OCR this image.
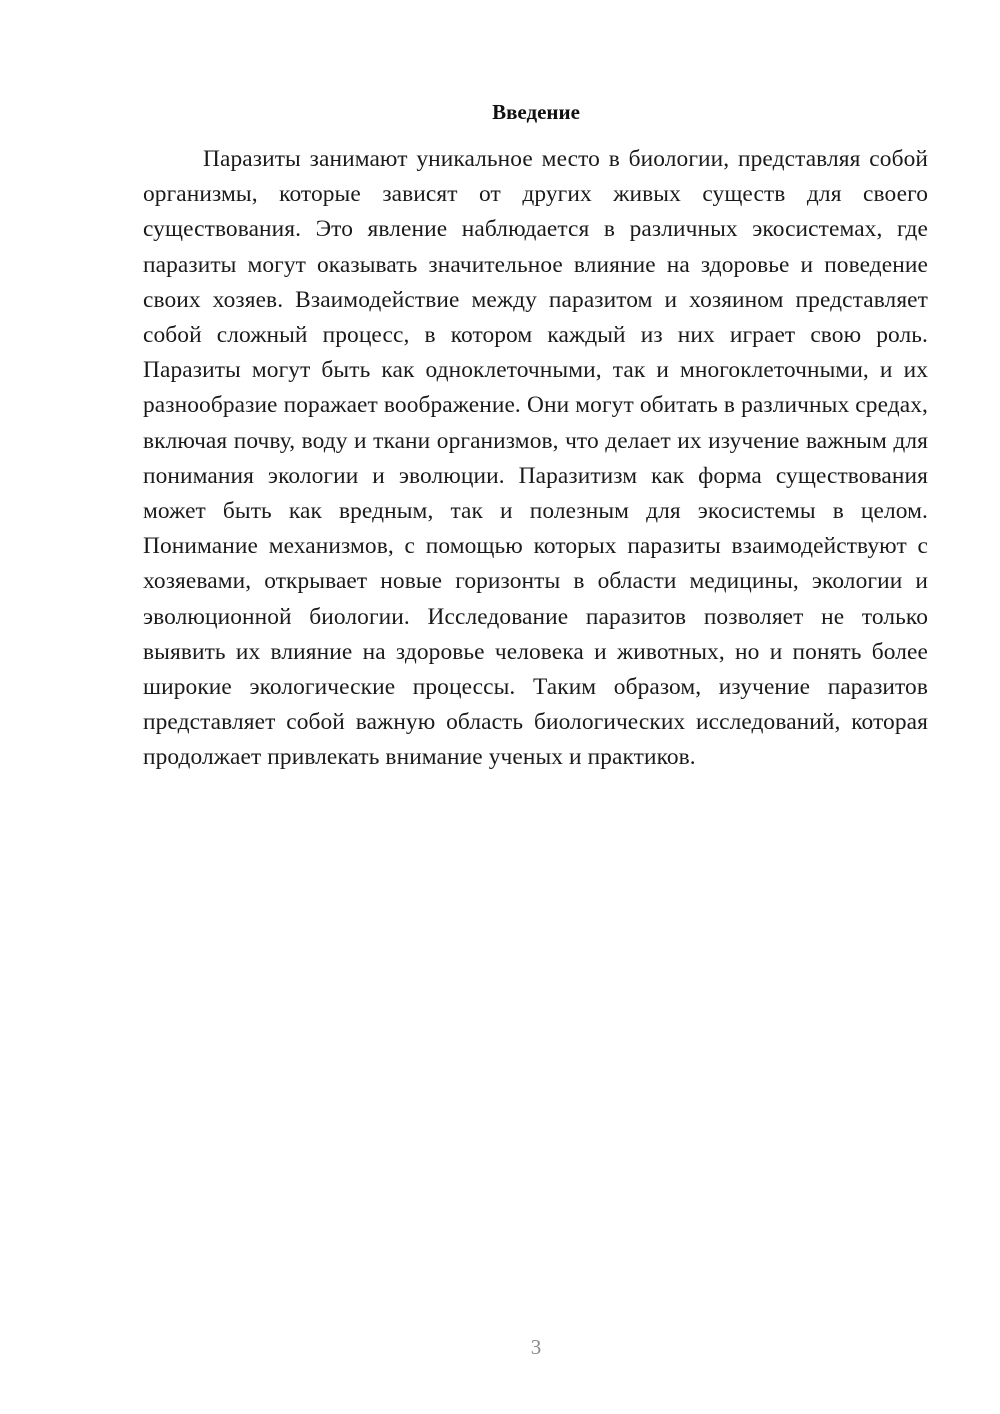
Введение

Паразиты занимают уникальное место в биологии, представляя собой организмы, которые зависят от других живых существ для своего существования. Это явление наблюдается в различных экосистемах, где паразиты могут оказывать значительное влияние на здоровье и поведение своих хозяев. Взаимодействие между паразитом и хозяином представляет собой сложный процесс, в котором каждый из них играет свою роль. Паразиты могут быть как одноклеточными, так и многоклеточными, и их разнообразие поражает воображение. Они могут обитать в различных средах, включая почву, воду и ткани организмов, что делает их изучение важным для понимания экологии и эволюции. Паразитизм как форма существования может быть как вредным, так и полезным для экосистемы в целом. Понимание механизмов, с помощью которых паразиты взаимодействуют с хозяевами, открывает новые горизонты в области медицины, экологии и эволюционной биологии. Исследование паразитов позволяет не только выявить их влияние на здоровье человека и животных, но и понять более широкие экологические процессы. Таким образом, изучение паразитов представляет собой важную область биологических исследований, которая продолжает привлекать внимание ученых и практиков.

3
